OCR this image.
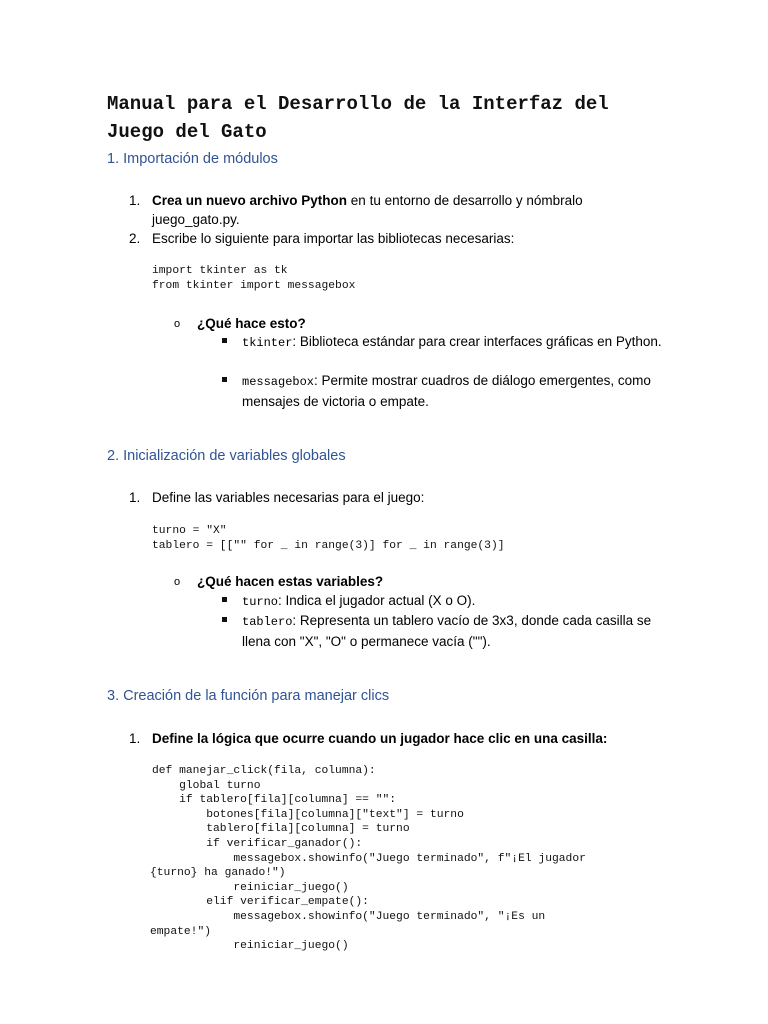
Manual para el Desarrollo de la Interfaz del Juego del Gato
1. Importación de módulos
1. Crea un nuevo archivo Python en tu entorno de desarrollo y nómbralo juego_gato.py.
2. Escribe lo siguiente para importar las bibliotecas necesarias:
import tkinter as tk
from tkinter import messagebox
o ¿Qué hace esto?
tkinter: Biblioteca estándar para crear interfaces gráficas en Python.
messagebox: Permite mostrar cuadros de diálogo emergentes, como mensajes de victoria o empate.
2. Inicialización de variables globales
1. Define las variables necesarias para el juego:
turno = "X"
tablero = [["" for _ in range(3)] for _ in range(3)]
o ¿Qué hacen estas variables?
turno: Indica el jugador actual (X o O).
tablero: Representa un tablero vacío de 3x3, donde cada casilla se llena con "X", "O" o permanece vacía ("").
3. Creación de la función para manejar clics
1. Define la lógica que ocurre cuando un jugador hace clic en una casilla:
def manejar_click(fila, columna):
global turno
if tablero[fila][columna] == "":
botones[fila][columna]["text"] = turno
tablero[fila][columna] = turno
if verificar_ganador():
messagebox.showinfo("Juego terminado", f"¡El jugador
{turno} ha ganado!")
reiniciar_juego()
elif verificar_empate():
messagebox.showinfo("Juego terminado", "¡Es un
empate!")
reiniciar_juego()
